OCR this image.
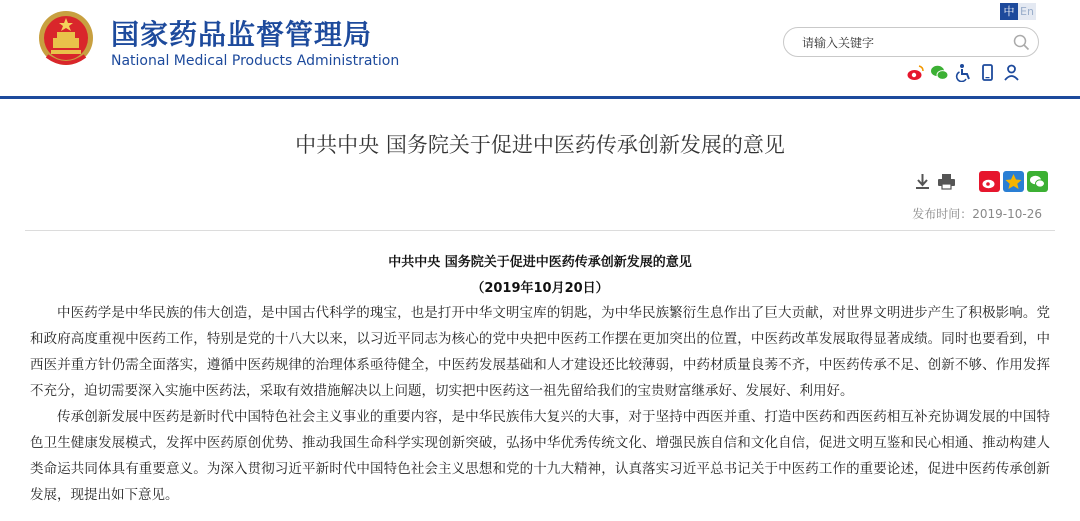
国家药品监督管理局
National Medical Products Administration
中 En
请输入关键字
中共中央 国务院关于促进中医药传承创新发展的意见
发布时间：2019-10-26
中共中央 国务院关于促进中医药传承创新发展的意见
（2019年10月20日）

中医药学是中华民族的伟大创造，是中国古代科学的瑰宝，也是打开中华文明宝库的钥匙，为中华民族繁衍生息作出了巨大贡献，对世界文明进步产生了积极影响。党和政府高度重视中医药工作，特别是党的十八大以来，以习近平同志为核心的党中央把中医药工作摆在更加突出的位置，中医药改革发展取得显著成绩。同时也要看到，中西医并重方针仍需全面落实，遵循中医药规律的治理体系亟待健全，中医药发展基础和人才建设还比较薄弱，中药材质量良莠不齐，中医药传承不足、创新不够、作用发挥不充分，迫切需要深入实施中医药法，采取有效措施解决以上问题，切实把中医药这一祖先留给我们的宝贵财富继承好、发展好、利用好。

传承创新发展中医药是新时代中国特色社会主义事业的重要内容，是中华民族伟大复兴的大事，对于坚持中西医并重、打造中医药和西医药相互补充协调发展的中国特色卫生健康发展模式，发挥中医药原创优势、推动我国生命科学实现创新突破，弘扬中华优秀传统文化、增强民族自信和文化自信，促进文明互鉴和民心相通、推动构建人类命运共同体具有重要意义。为深入贯彻习近平新时代中国特色社会主义思想和党的十九大精神，认真落实习近平总书记关于中医药工作的重要论述，促进中医药传承创新发展，现提出如下意见。
